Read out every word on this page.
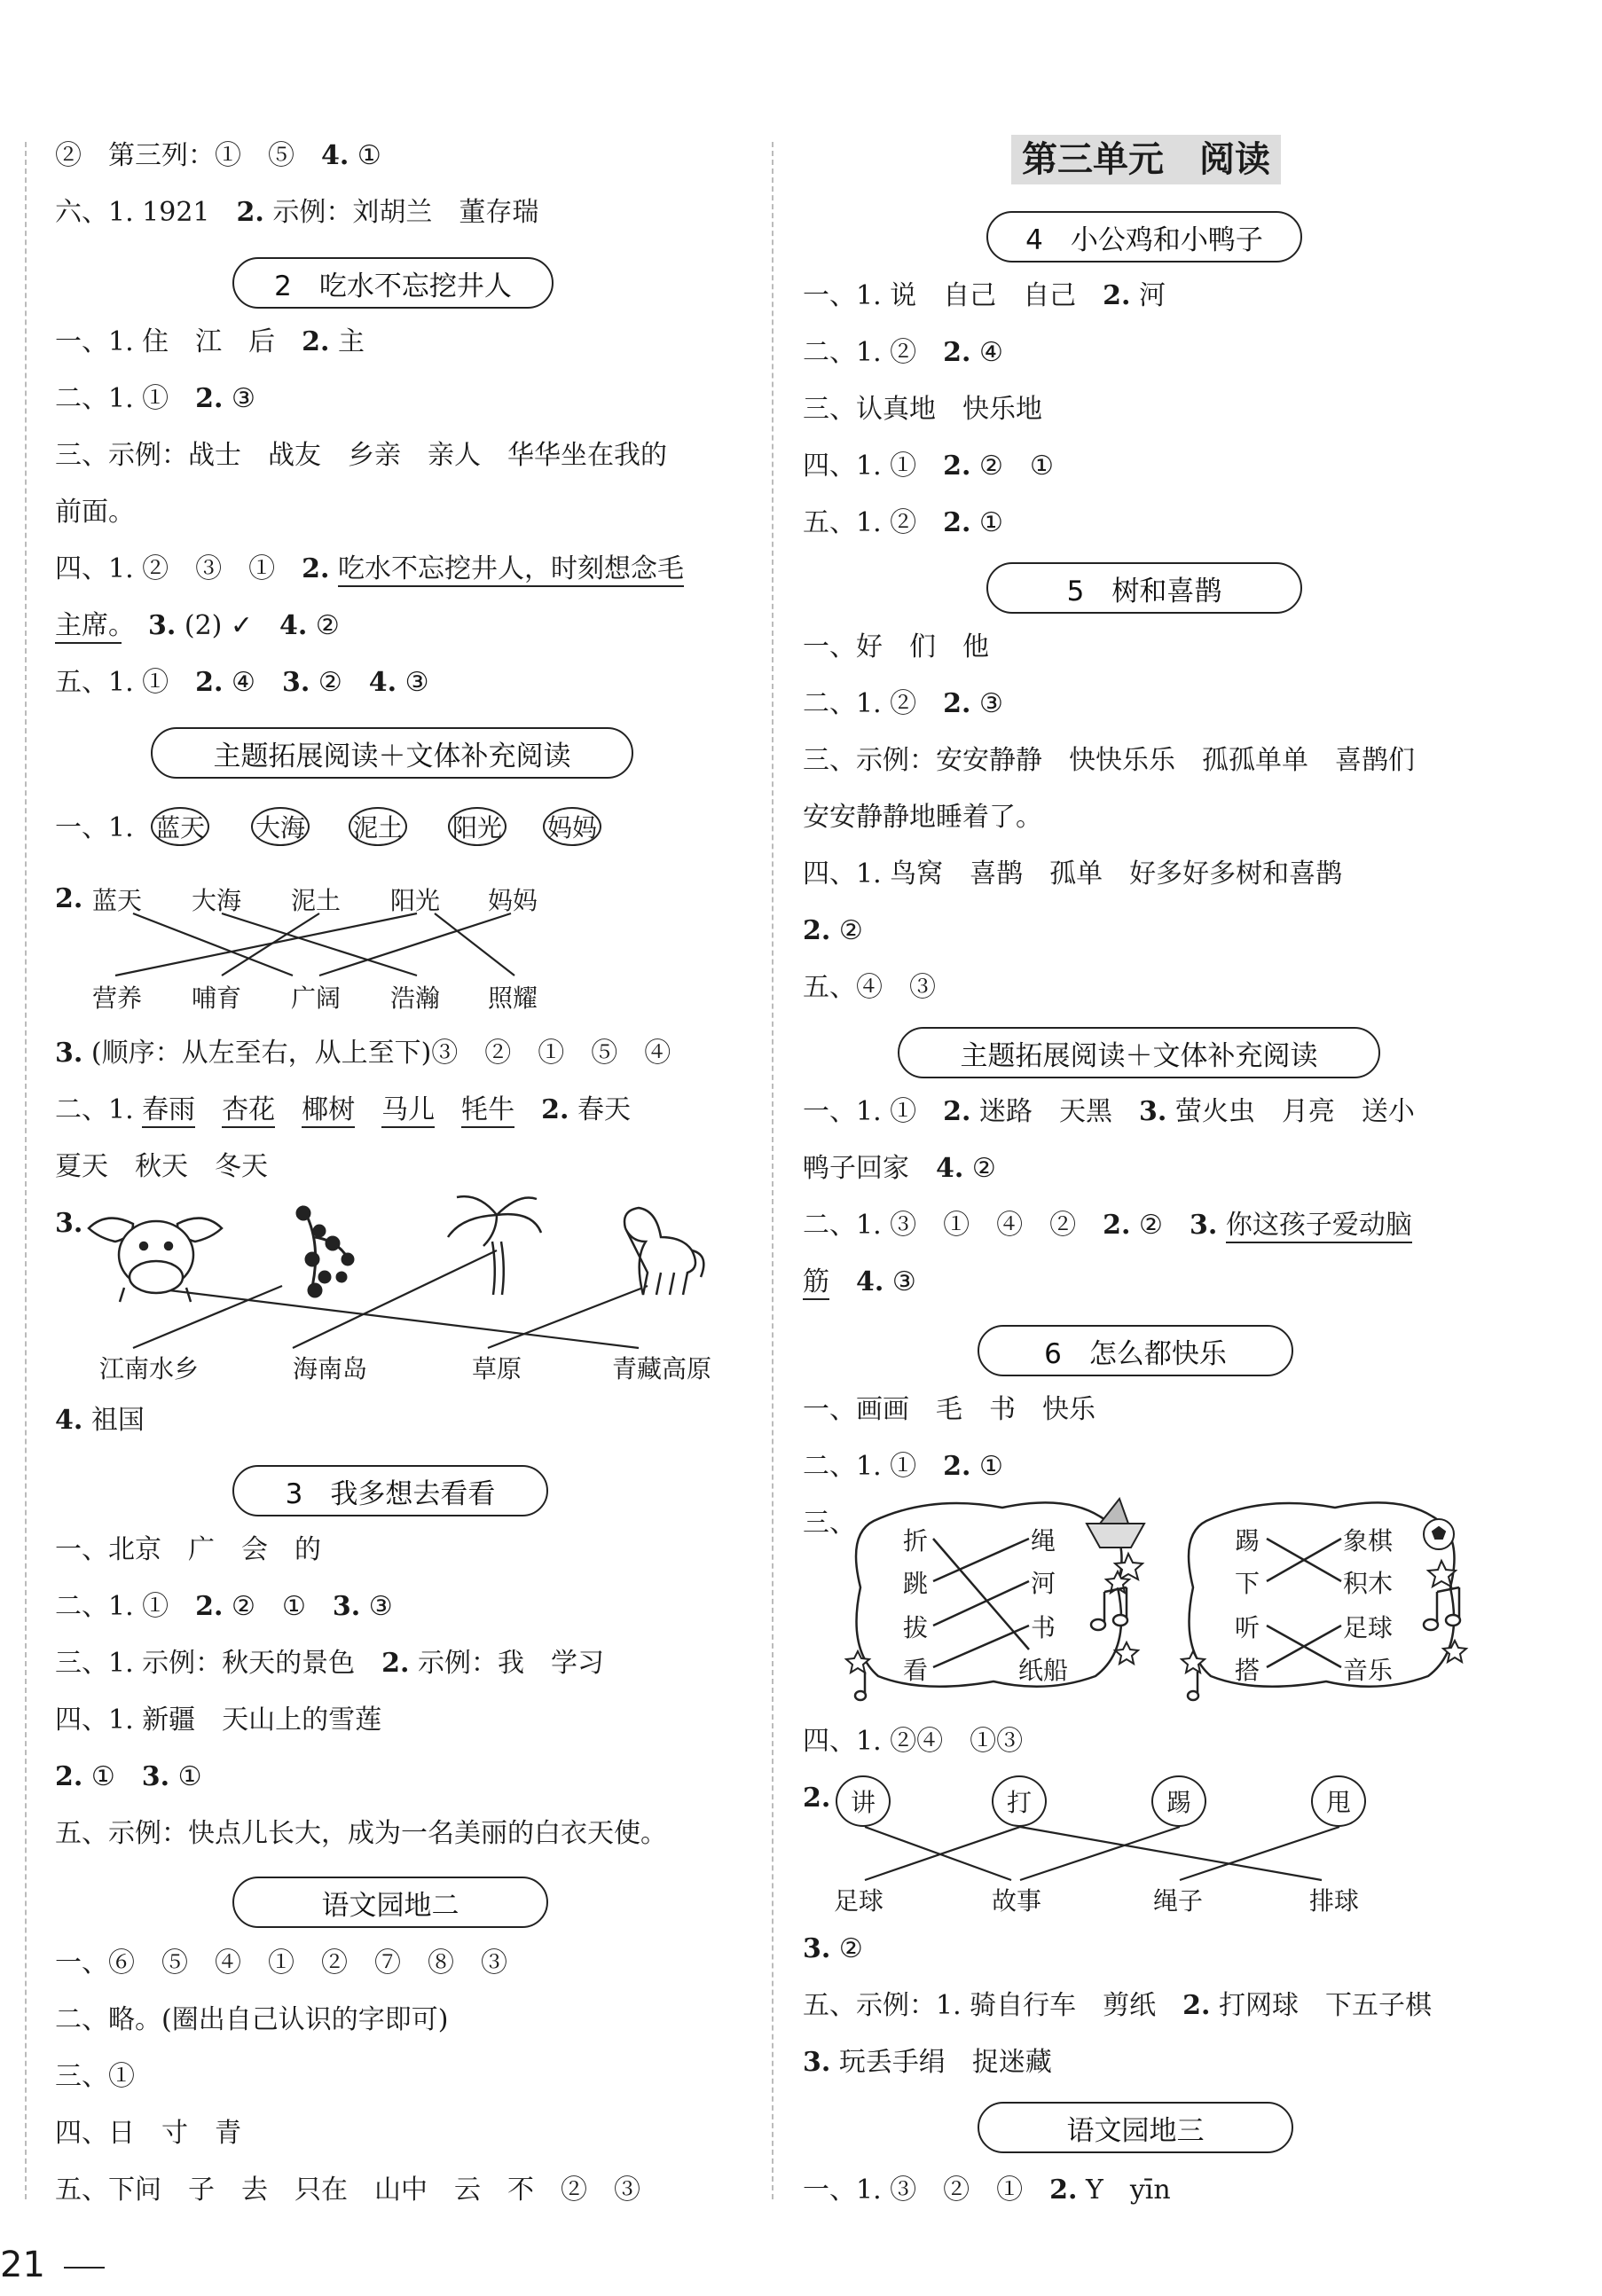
②　第三列：①　⑤　 4. ①
六、1. 1921　 2. 示例：刘胡兰　董存瑞
2　吃水不忘挖井人
一、1. 住　江　后　 2. 主
二、1. ①　 2. ③
三、示例：战士　战友　乡亲　亲人　华华坐在我的
前面。
四、1. ②　③　①　 2. 吃水不忘挖井人，时刻想念毛
主席。　 3. (2) ✓　 4. ②
五、1. ①　 2. ④　 3. ②　 4. ③
主题拓展阅读＋文体补充阅读
一、1. 蓝天 大海 泥土 阳光 妈妈
2. 蓝天 大海 泥土 阳光 妈妈
营养 哺育 广阔 浩瀚 照耀
3. (顺序：从左至右，从上至下)③　②　①　⑤　④
二、1. 春雨　 杏花　 椰树　 马儿　 牦牛　 2. 春天
夏天　秋天　冬天
3.
江南水乡	海南岛	草原	青藏高原
4. 祖国
3　我多想去看看
一、北京　广　会　的
二、1. ①　 2. ②　①　 3. ③
三、1. 示例：秋天的景色　 2. 示例：我　学习
四、1. 新疆　天山上的雪莲
2. ①　 3. ①
五、示例：快点儿长大，成为一名美丽的白衣天使。
语文园地二
一、⑥　⑤　④　①　②　⑦　⑧　③
二、略。(圈出自己认识的字即可)
三、①
四、日　寸　青
五、下问　子　去　只在　山中　云　不　②　③
第三单元　阅读
4　小公鸡和小鸭子
一、1. 说　自己　自己　 2. 河
二、1. ②　 2. ④
三、认真地　快乐地
四、1. ①　 2. ②　①
五、1. ②　 2. ①
5　树和喜鹊
一、好　们　他
二、1. ②　 2. ③
三、示例：安安静静　快快乐乐　孤孤单单　喜鹊们
安安静静地睡着了。
四、1. 鸟窝　喜鹊　孤单　好多好多树和喜鹊
2. ②
五、④　③
主题拓展阅读＋文体补充阅读
一、1. ①　 2. 迷路　天黑　 3. 萤火虫　月亮　送小
鸭子回家　 4. ②
二、1. ③　①　④　②　 2. ②　 3. 你这孩子爱动脑
筋　 4. ③
6　怎么都快乐
一、画画　毛　书　快乐
二、1. ①　 2. ①
三、
折
跳
拔
看
绳
河
书
纸船
踢
下
听
搭
象棋
积木
足球
音乐
四、1. ②④　①③
2. 讲	打	踢	甩
足球	故事	绳子	排球
3. ②
五、示例：1. 骑自行车　剪纸　 2. 打网球　下五子棋
3. 玩丢手绢　捉迷藏
语文园地三
一、1. ③　②　①　 2. Y　yīn
21
